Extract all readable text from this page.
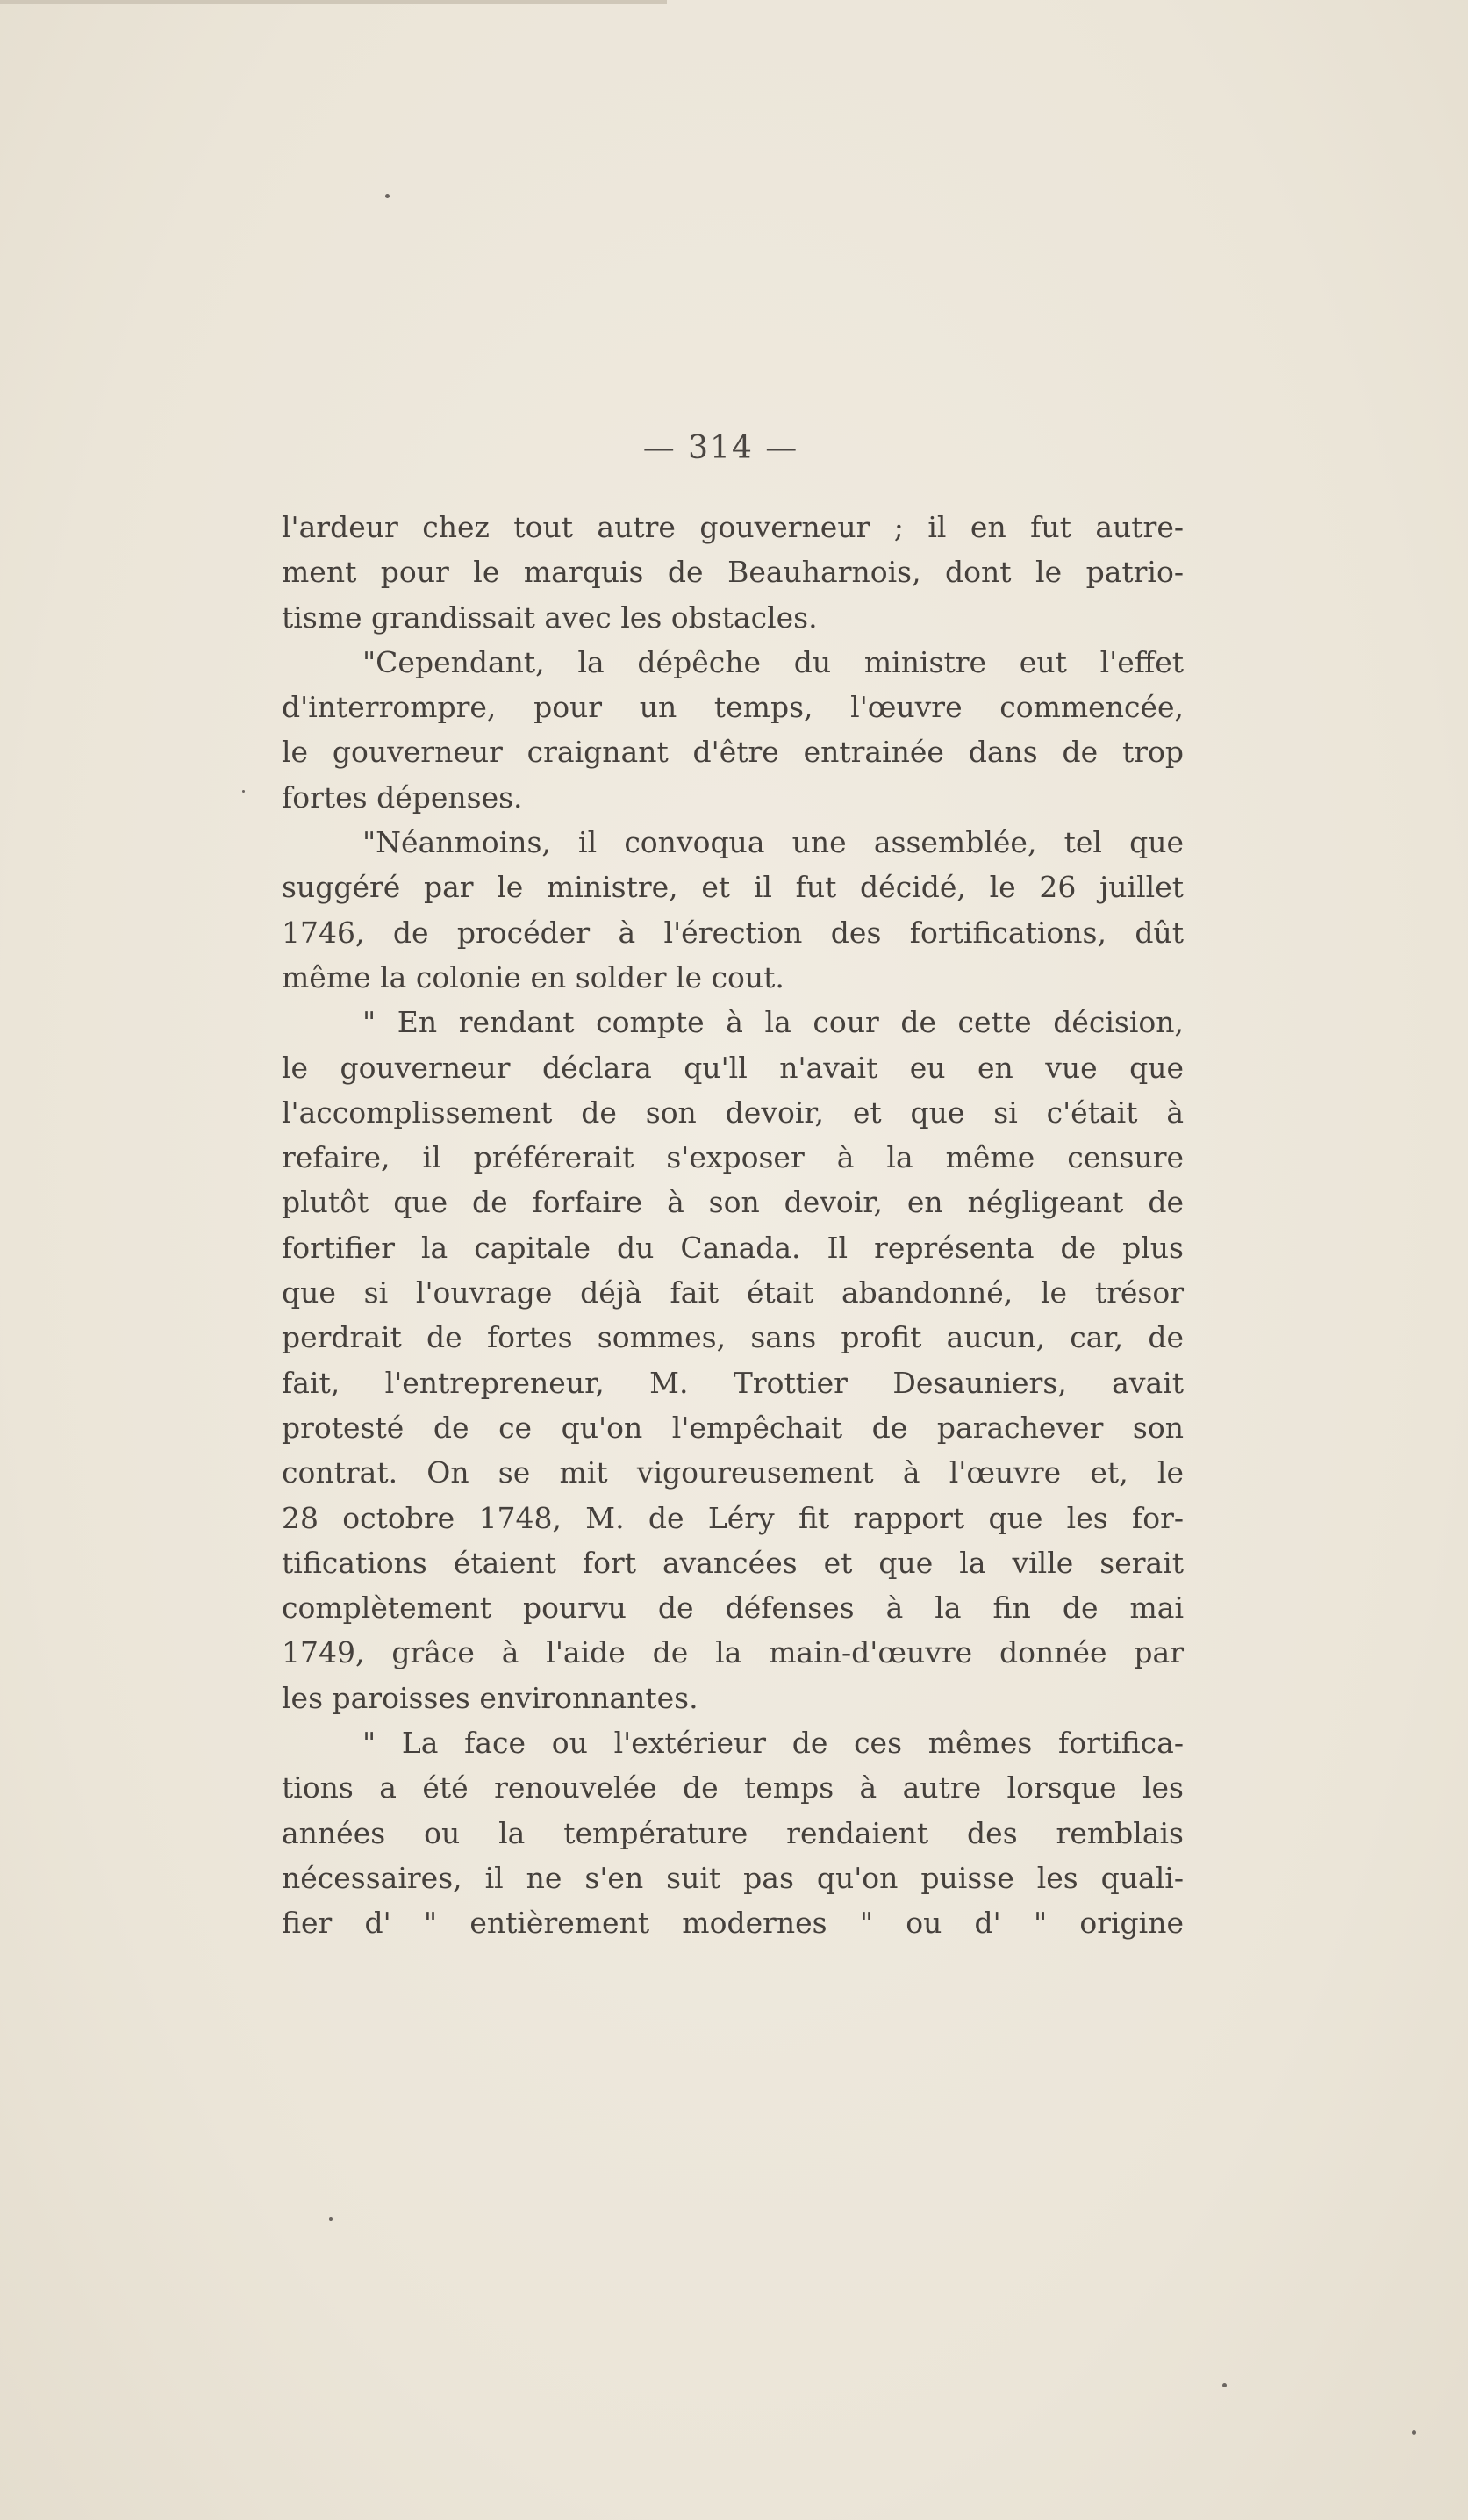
— 314 —
l'ardeur chez tout autre gouverneur ; il en fut autre-
ment pour le marquis de Beauharnois, dont le patrio-
tisme grandissait avec les obstacles.
"Cependant, la dépêche du ministre eut l'effet
d'interrompre, pour un temps, l'œuvre commencée,
le gouverneur craignant d'être entrainée dans de trop
fortes dépenses.
"Néanmoins, il convoqua une assemblée, tel que
suggéré par le ministre, et il fut décidé, le 26 juillet
1746, de procéder à l'érection des fortifications, dût
même la colonie en solder le cout.
" En rendant compte à la cour de cette décision,
le gouverneur déclara qu'll n'avait eu en vue que
l'accomplissement de son devoir, et que si c'était à
refaire, il préférerait s'exposer à la même censure
plutôt que de forfaire à son devoir, en négligeant de
fortifier la capitale du Canada. Il représenta de plus
que si l'ouvrage déjà fait était abandonné, le trésor
perdrait de fortes sommes, sans profit aucun, car, de
fait, l'entrepreneur, M. Trottier Desauniers, avait
protesté de ce qu'on l'empêchait de parachever son
contrat. On se mit vigoureusement à l'œuvre et, le
28 octobre 1748, M. de Léry fit rapport que les for-
tifications étaient fort avancées et que la ville serait
complètement pourvu de défenses à la fin de mai
1749, grâce à l'aide de la main-d'œuvre donnée par
les paroisses environnantes.
" La face ou l'extérieur de ces mêmes fortifica-
tions a été renouvelée de temps à autre lorsque les
années ou la température rendaient des remblais
nécessaires, il ne s'en suit pas qu'on puisse les quali-
fier d' " entièrement modernes " ou d' " origine
